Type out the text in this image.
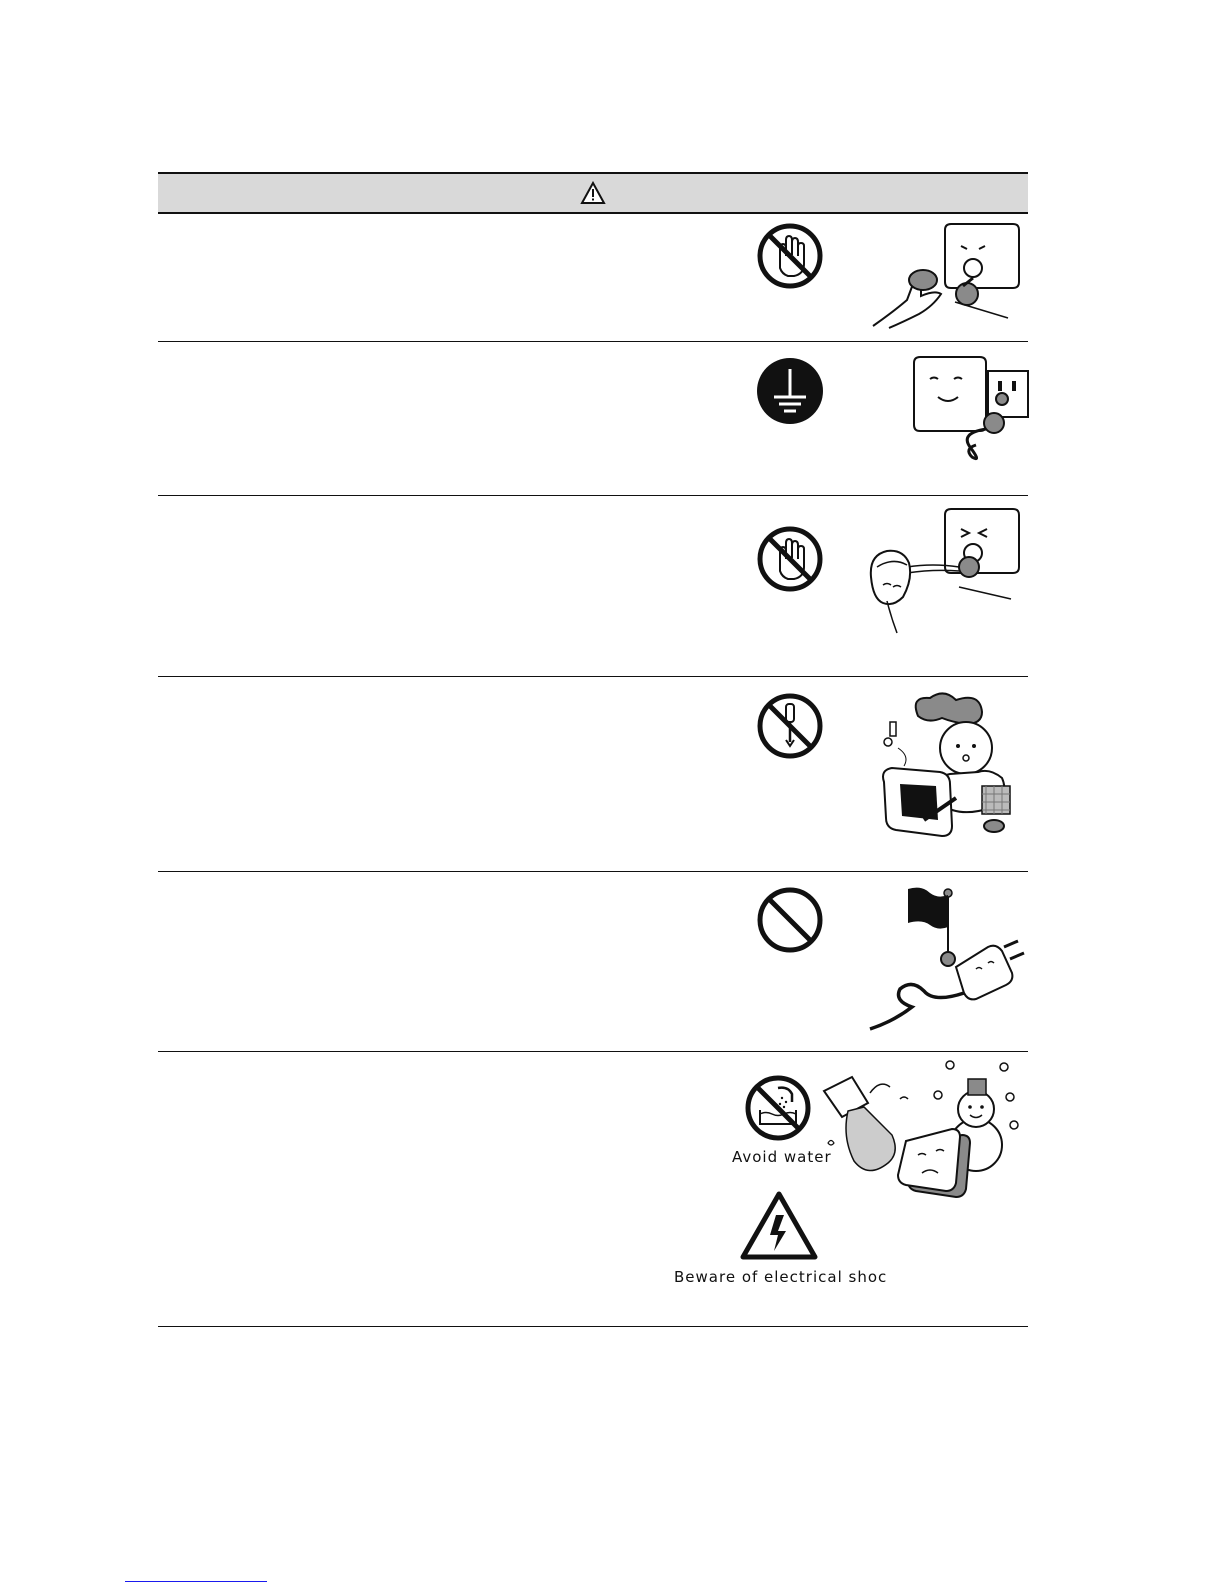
Avoid water
Beware of electrical shoc
